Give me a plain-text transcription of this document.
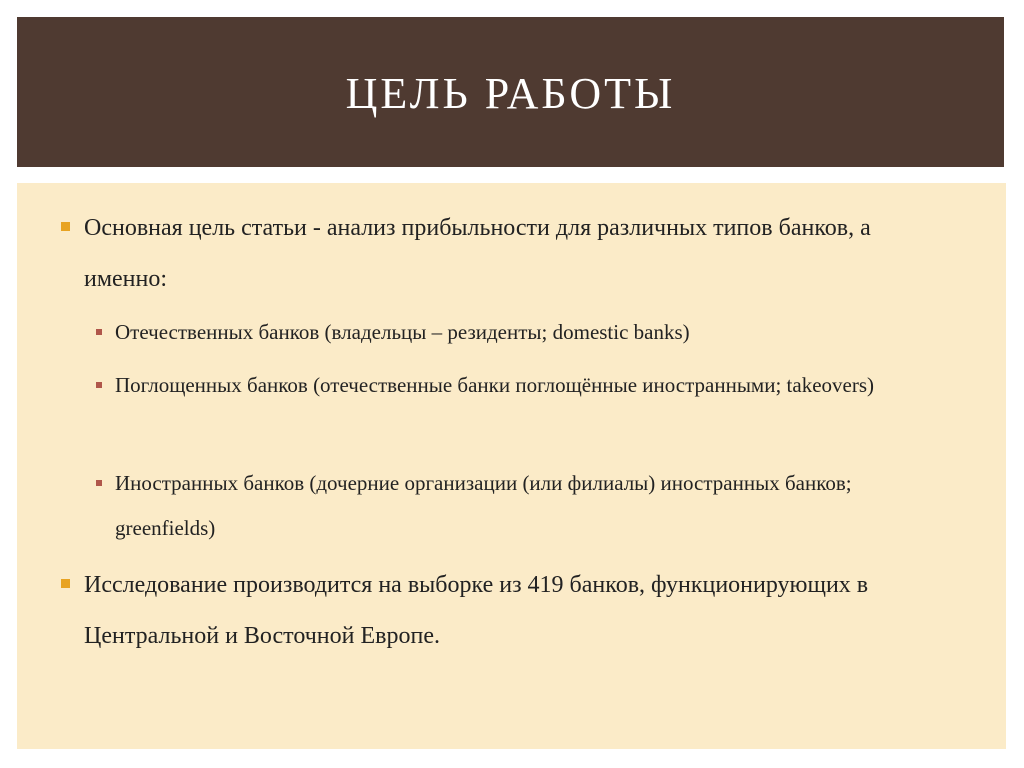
ЦЕЛЬ РАБОТЫ
Основная цель статьи - анализ прибыльности для различных типов банков, а именно:
Отечественных банков (владельцы – резиденты; domestic banks)
Поглощенных банков (отечественные банки поглощённые иностранными; takeovers)
Иностранных банков (дочерние организации (или филиалы) иностранных банков; greenfields)
Исследование производится на выборке из 419 банков, функционирующих в Центральной и Восточной Европе.
